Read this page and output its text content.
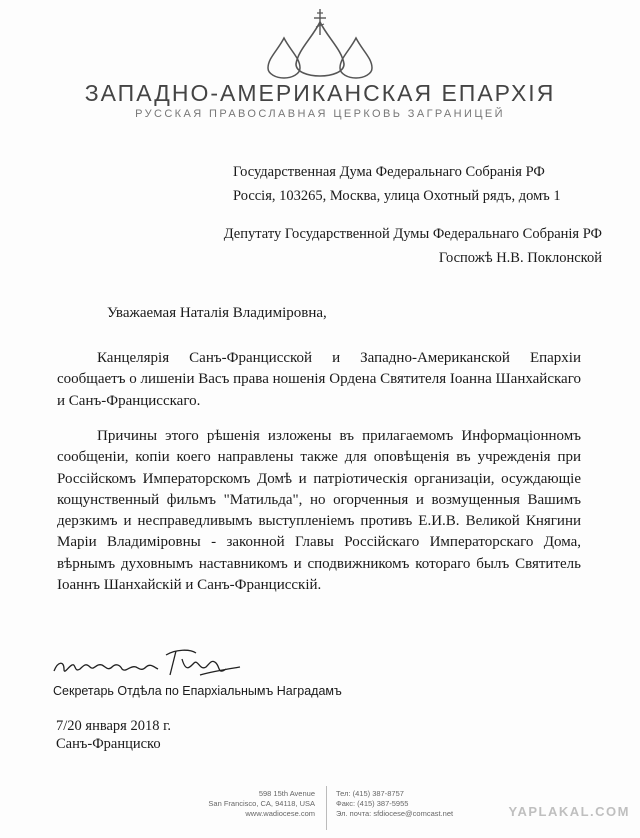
ЗАПАДНО-АМЕРИКАНСКАЯ ЕПАРХІЯ
РУССКАЯ ПРАВОСЛАВНАЯ ЦЕРКОВЬ ЗАГРАНИЦЕЙ
Государственная Дума Федеральнаго Собранія РФ
Россія, 103265, Москва, улица Охотный рядъ, домъ 1
Депутату Государственной Думы Федеральнаго Собранія РФ
Госпожѣ Н.В. Поклонской
Уважаемая Наталія Владиміровна,

Канцелярія Санъ-Францисской и Западно-Американской Епархіи сообщаетъ о лишеніи Васъ права ношенія Ордена Святителя Іоанна Шанхайскаго и Санъ-Францисскаго.

Причины этого рѣшенія изложены въ прилагаемомъ Информаціонномъ сообщеніи, копіи коего направлены также для оповѣщенія въ учрежденія при Россійскомъ Императорскомъ Домѣ и патріотическія организаціи, осуждающіе кощунственный фильмъ "Матильда", но огорченныя и возмущенныя Вашимъ дерзкимъ и несправедливымъ выступленіемъ противъ Е.И.В. Великой Княгини Маріи Владиміровны - законной Главы Россійскаго Императорскаго Дома, вѣрнымъ духовнымъ наставникомъ и сподвижникомъ котораго былъ Святитель Іоаннъ Шанхайскій и Санъ-Францисскій.

Секретарь Отдѣла по Епархіальнымъ Наградамъ
7/20 января 2018 г.
Санъ-Франциско
598 15th Avenue
San Francisco, CA, 94118, USA
www.wadiocese.com
Тел: (415) 387-8757
Факс: (415) 387-5955
Эл. почта: sfdiocese@comcast.net	YAPLAKAL.COM
